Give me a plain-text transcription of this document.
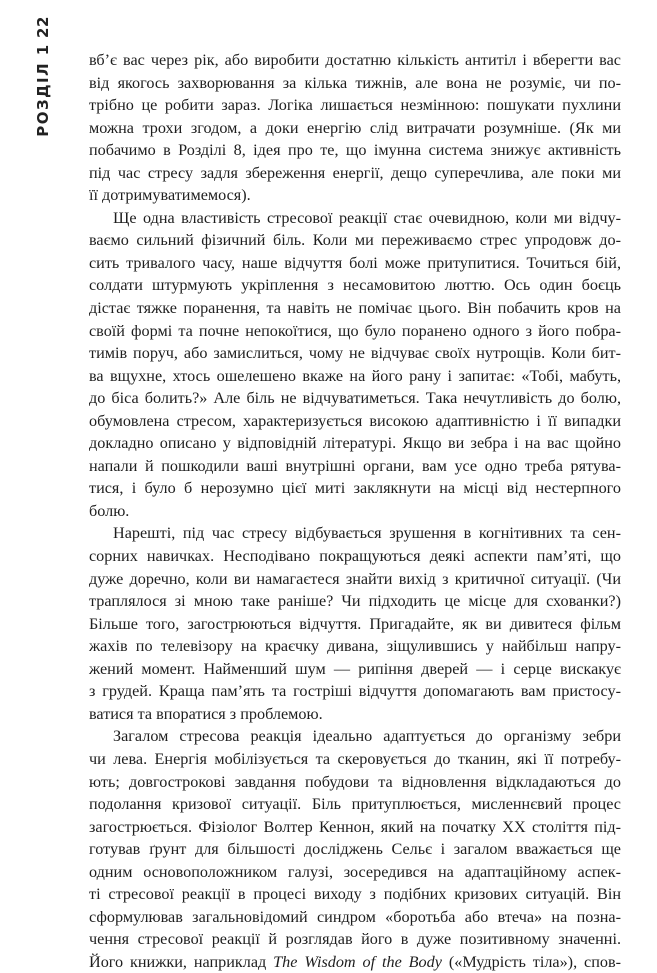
22
РОЗДІЛ 1 вб’є вас через рік, або виробити достатню кількість антитіл і вберегти вас
від якогось захворювання за кілька тижнів, але вона не розуміє, чи по-
трібно це робити зараз. Логіка лишається незмінною: пошукати пухлини
можна трохи згодом, а доки енергію слід витрачати розумніше. (Як ми
побачимо в Розділі 8, ідея про те, що імунна система знижує активність
під час стресу задля збереження енергії, дещо суперечлива, але поки ми
її дотримуватимемося).
Ще одна властивість стресової реакції стає очевидною, коли ми відчу-
ваємо сильний фізичний біль. Коли ми переживаємо стрес упродовж до-
сить тривалого часу, наше відчуття болі може притупитися. Точиться бій,
солдати штурмують укріплення з несамовитою люттю. Ось один боєць
дістає тяжке поранення, та навіть не помічає цього. Він побачить кров на
своїй формі та почне непокоїтися, що було поранено одного з його побра-
тимів поруч, або замислиться, чому не відчуває своїх нутрощів. Коли бит-
ва вщухне, хтось ошелешено вкаже на його рану і запитає: «Тобі, мабуть,
до біса болить?» Але біль не відчуватиметься. Така нечутливість до болю,
обумовлена стресом, характеризується високою адаптивністю і її випадки
докладно описано у відповідній літературі. Якщо ви зебра і на вас щойно
напали й пошкодили ваші внутрішні органи, вам усе одно треба рятува-
тися, і було б нерозумно цієї миті заклякнути на місці від нестерпного
болю.
Нарешті, під час стресу відбувається зрушення в когнітивних та сен-
сорних навичках. Несподівано покращуються деякі аспекти пам’яті, що
дуже доречно, коли ви намагаєтеся знайти вихід з критичної ситуації. (Чи
траплялося зі мною таке раніше? Чи підходить це місце для схованки?)
Більше того, загострюються відчуття. Пригадайте, як ви дивитеся фільм
жахів по телевізору на краєчку дивана, зіщулившись у найбільш напру-
жений момент. Найменший шум — рипіння дверей — і серце вискакує
з грудей. Краща пам’ять та гостріші відчуття допомагають вам пристосу-
ватися та впоратися з проблемою.
Загалом стресова реакція ідеально адаптується до організму зебри
чи лева. Енергія мобілізується та скеровується до тканин, які її потребу-
ють; довгострокові завдання побудови та відновлення відкладаються до
подолання кризової ситуації. Біль притуплюється, мисленнєвий процес
загострюється. Фізіолог Волтер Кеннон, який на початку XX століття під-
готував ґрунт для більшості досліджень Сельє і загалом вважається ще
одним основоположником галузі, зосередився на адаптаційному аспек-
ті стресової реакції в процесі виходу з подібних кризових ситуацій. Він
сформулював загальновідомий синдром «боротьба або втеча» на позна-
чення стресової реакції й розглядав його в дуже позитивному значенні.
Його книжки, наприклад The Wisdom of the Body («Мудрість тіла»), спов-
